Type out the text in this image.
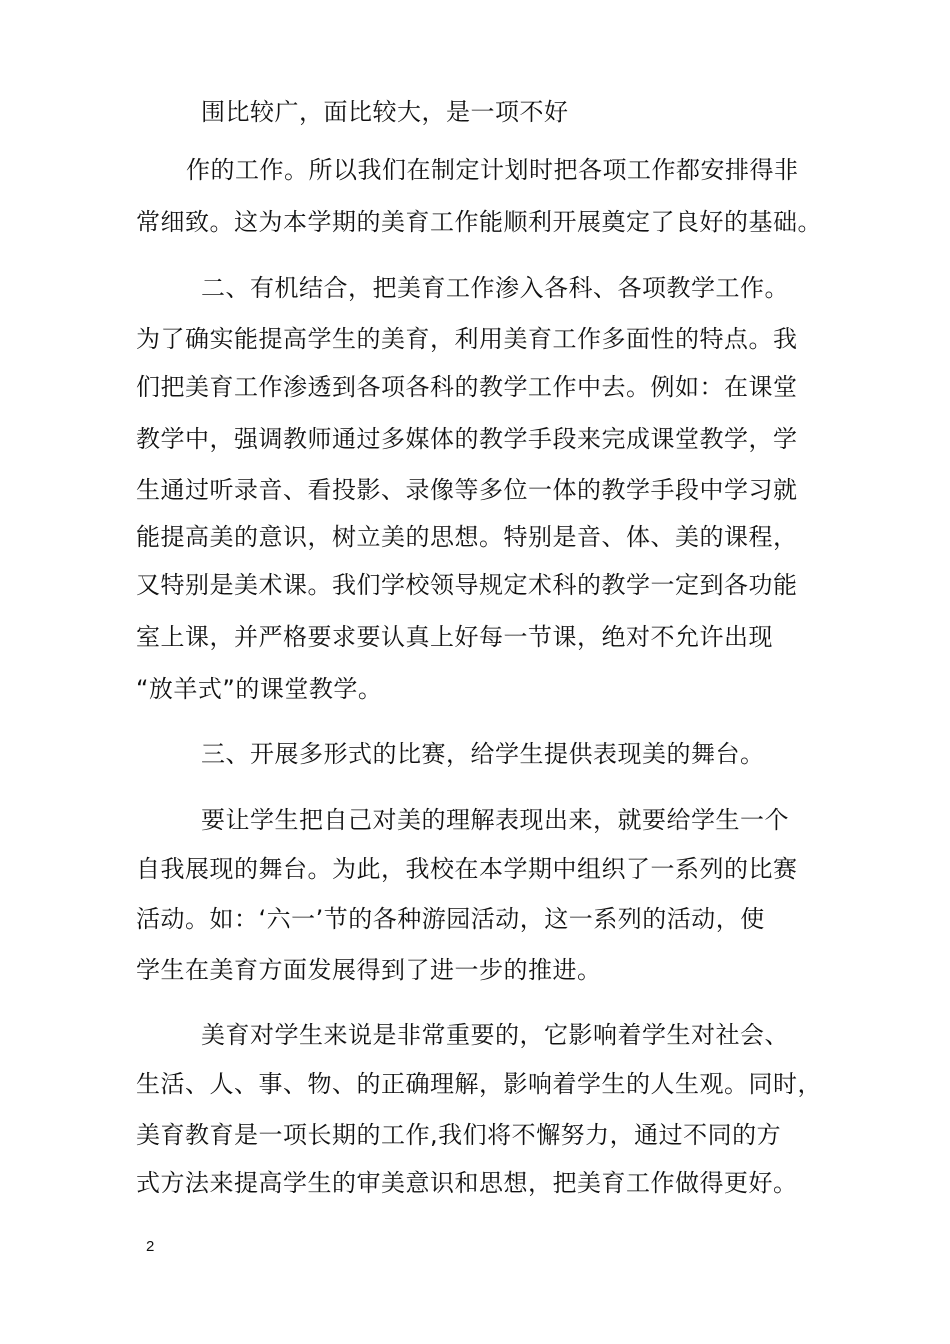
围比较广，面比较大，是一项不好
作的工作。所以我们在制定计划时把各项工作都安排得非
常细致。这为本学期的美育工作能顺利开展奠定了良好的基础。
二、有机结合，把美育工作渗入各科、各项教学工作。
为了确实能提高学生的美育，利用美育工作多面性的特点。我
们把美育工作渗透到各项各科的教学工作中去。例如：在课堂
教学中，强调教师通过多媒体的教学手段来完成课堂教学，学
生通过听录音、看投影、录像等多位一体的教学手段中学习就
能提高美的意识，树立美的思想。特别是音、体、美的课程，
又特别是美术课。我们学校领导规定术科的教学一定到各功能
室上课，并严格要求要认真上好每一节课，绝对不允许出现
“放羊式”的课堂教学。
三、开展多形式的比赛，给学生提供表现美的舞台。
要让学生把自己对美的理解表现出来，就要给学生一个
自我展现的舞台。为此，我校在本学期中组织了一系列的比赛
活动。如：‘六一’节的各种游园活动，这一系列的活动，使
学生在美育方面发展得到了进一步的推进。
美育对学生来说是非常重要的，它影响着学生对社会、
生活、人、事、物、的正确理解，影响着学生的人生观。同时，
美育教育是一项长期的工作,我们将不懈努力，通过不同的方
式方法来提高学生的审美意识和思想，把美育工作做得更好。
2
